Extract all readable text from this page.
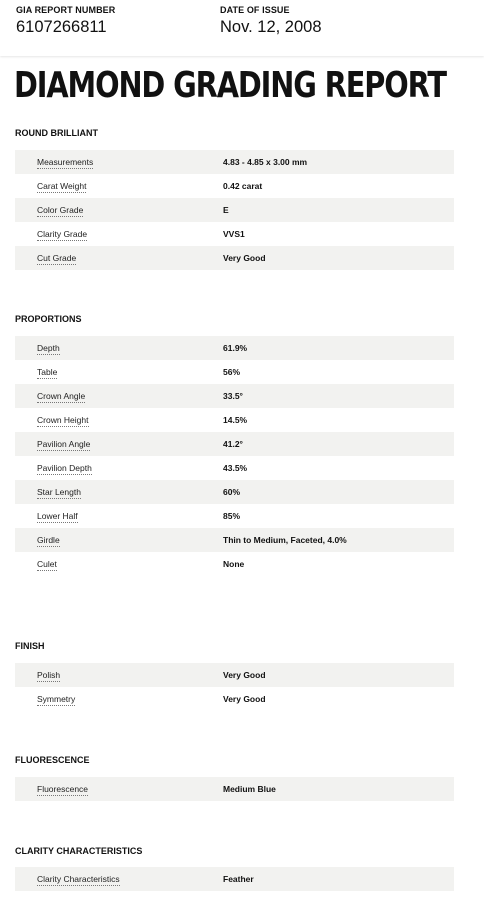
GIA REPORT NUMBER
6107266811
DATE OF ISSUE
Nov. 12, 2008
DIAMOND GRADING REPORT
ROUND BRILLIANT
Measurements	4.83 - 4.85 x 3.00 mm
Carat Weight	0.42 carat
Color Grade	E
Clarity Grade	VVS1
Cut Grade	Very Good
PROPORTIONS
Depth	61.9%
Table	56%
Crown Angle	33.5°
Crown Height	14.5%
Pavilion Angle	41.2°
Pavilion Depth	43.5%
Star Length	60%
Lower Half	85%
Girdle	Thin to Medium, Faceted, 4.0%
Culet	None
FINISH
Polish	Very Good
Symmetry	Very Good
FLUORESCENCE
Fluorescence	Medium Blue
CLARITY CHARACTERISTICS
Clarity Characteristics	Feather
